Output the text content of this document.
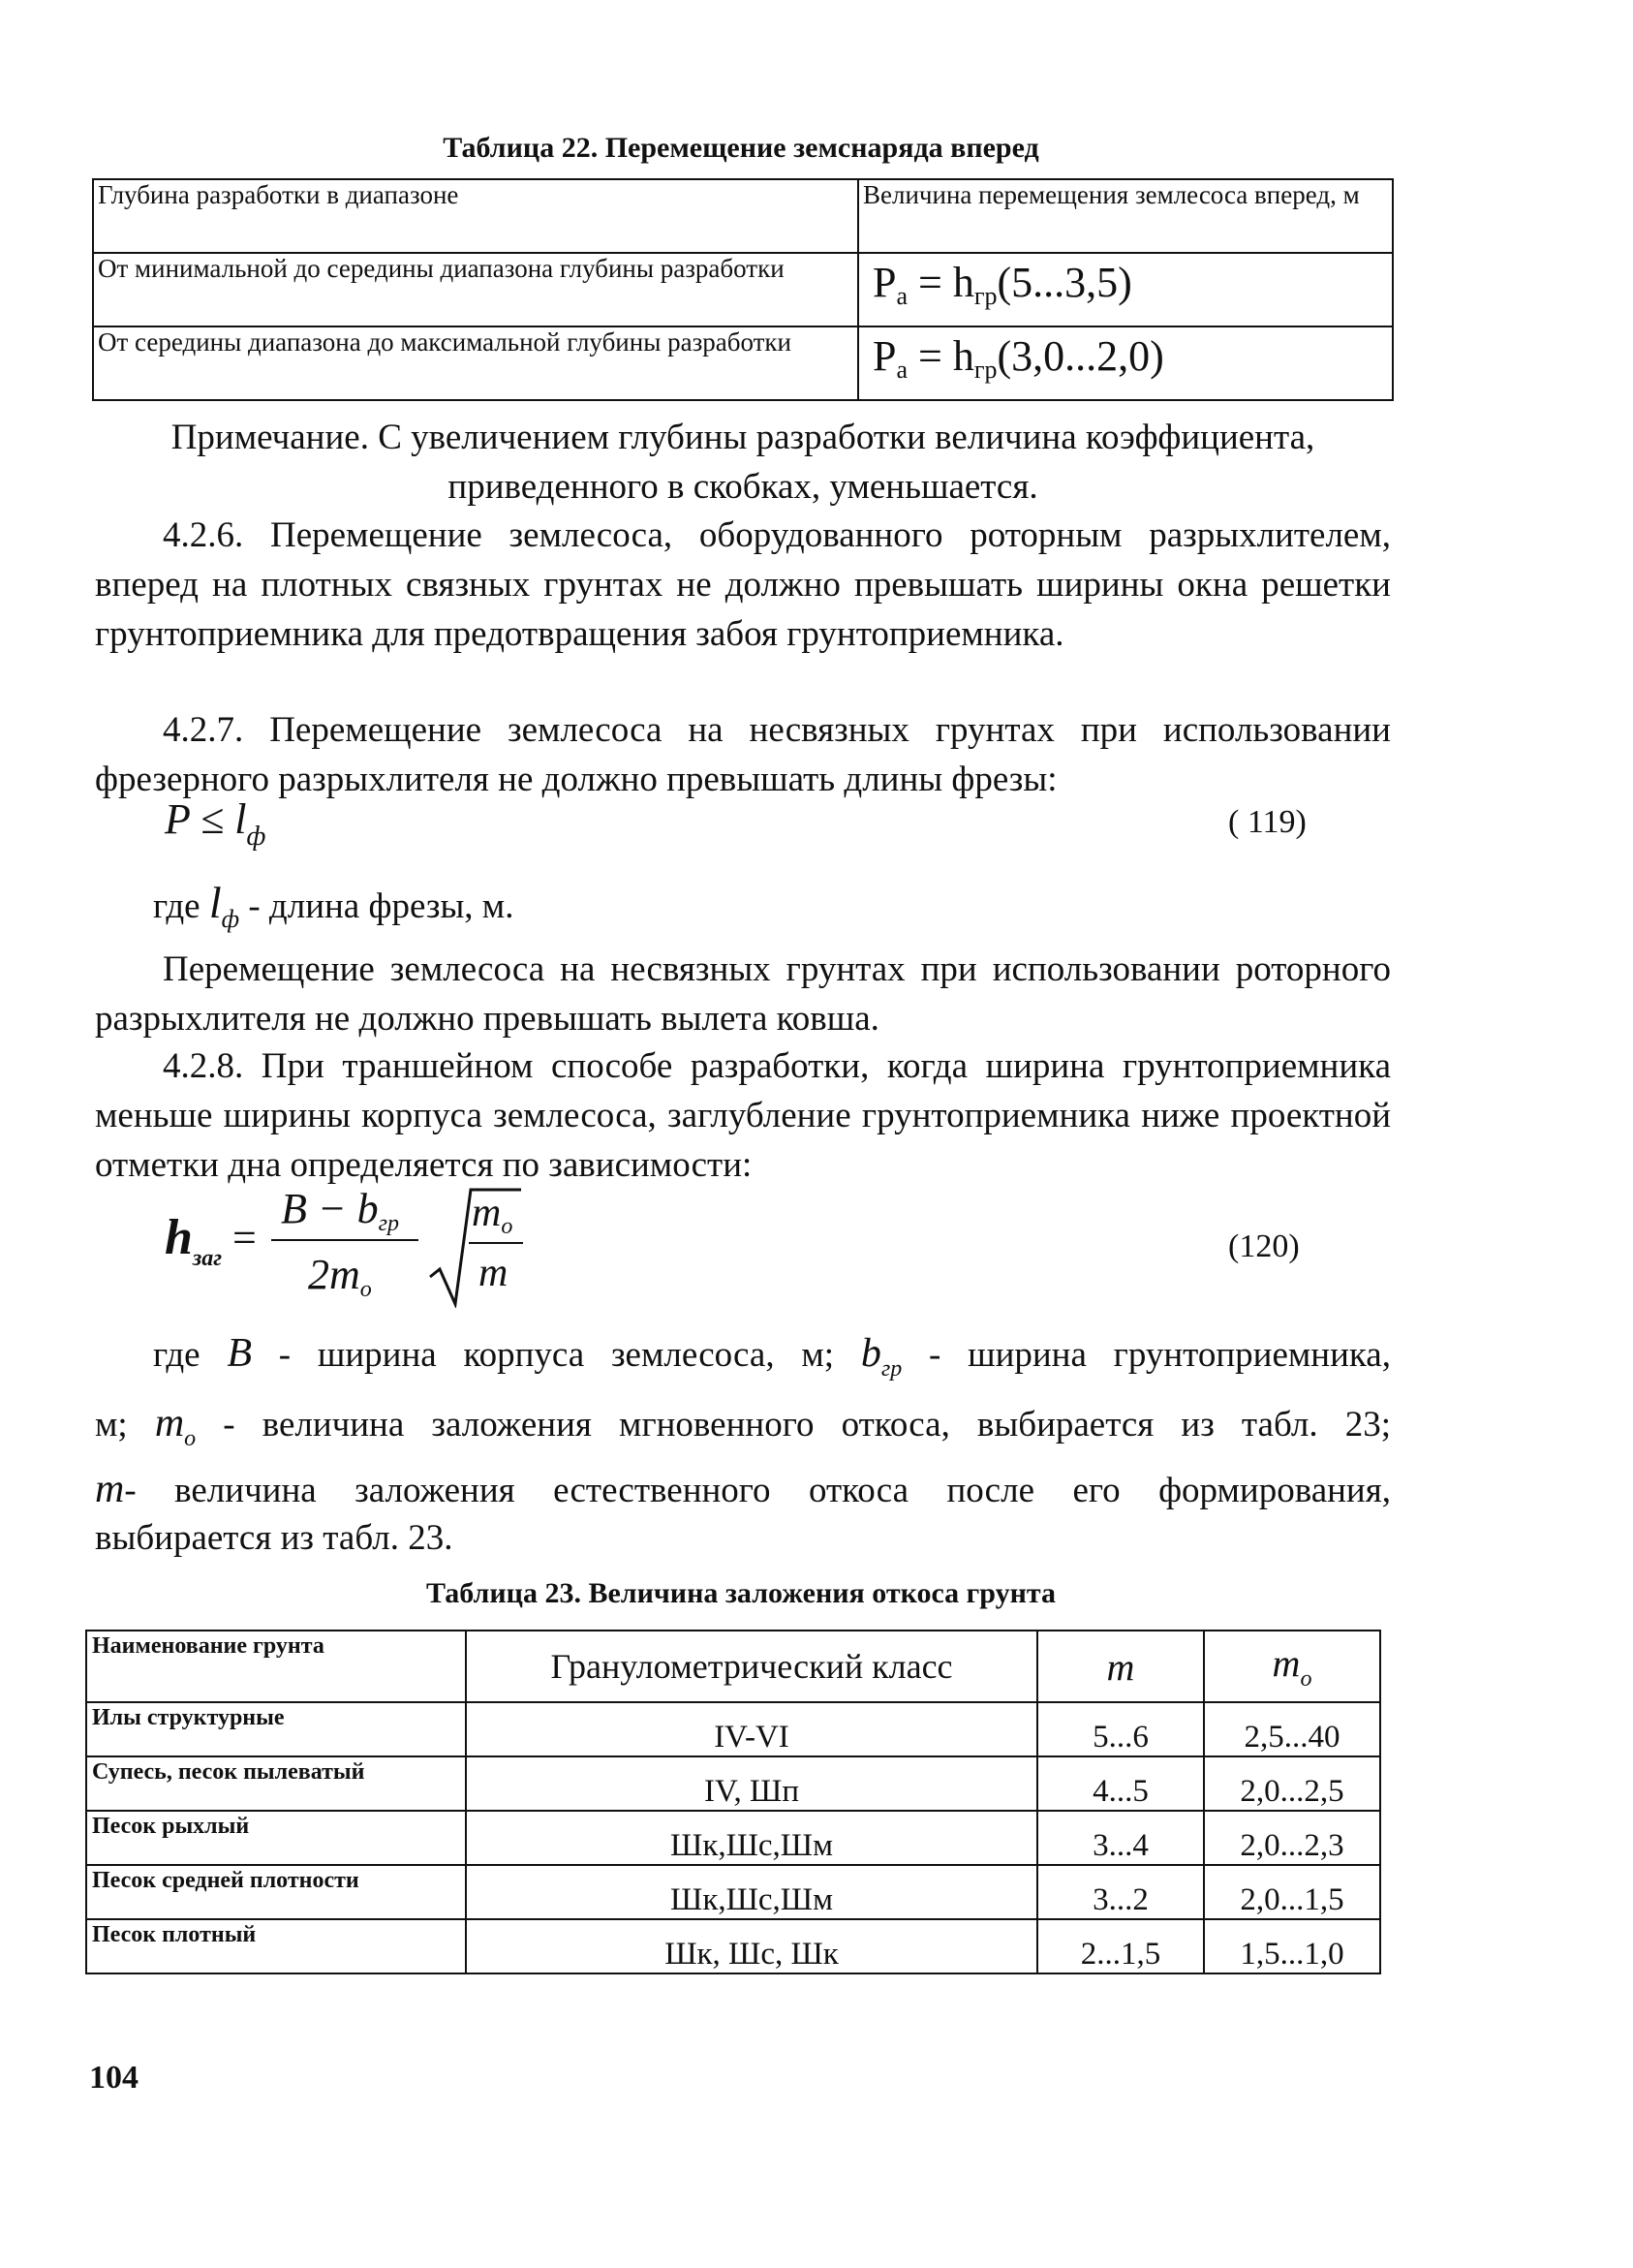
Таблица 22. Перемещение земснаряда вперед
Глубина разработки в диапазоне	Величина перемещения землесоса вперед, м
От минимальной до середины диапазона глубины разработки	$P_а = h_{гр}(5...3,5)$
От середины диапазона до максимальной глубины разработки	$P_а = h_{гр}(3,0...2,0)$
Примечание. С увеличением глубины разработки величина коэффициента, приведенного в скобках, уменьшается.
4.2.6. Перемещение землесоса, оборудованного роторным разрыхлителем, вперед на плотных связных грунтах не должно превышать ширины окна решетки грунтоприемника для предотвращения забоя грунтоприемника.
4.2.7. Перемещение землесоса на несвязных грунтах при использовании фрезерного разрыхлителя не должно превышать длины фрезы:
$P \le l_ф$	( 119)
где $l_ф$ - длина фрезы, м.
Перемещение землесоса на несвязных грунтах при использовании роторного разрыхлителя не должно превышать вылета ковша.
4.2.8. При траншейном способе разработки, когда ширина грунтоприемника меньше ширины корпуса землесоса, заглубление грунтоприемника ниже проектной отметки дна определяется по зависимости:
$h_{заг}$ =
B − bгр
2mo
mo
m
(120)
где B - ширина корпуса землесоса, м; $b_{гр}$ - ширина грунтоприемника,
м; $m_o$ - величина заложения мгновенного откоса, выбирается из табл. 23;
m- величина заложения естественного откоса после его формирования,
выбирается из табл. 23.
Таблица 23. Величина заложения откоса грунта
Наименование грунта	Гранулометрический класс	m	$m_o$
Илы структурные	IV-VI	5...6	2,5...40
Супесь, песок пылеватый	IV, Шп	4...5	2,0...2,5
Песок рыхлый	Шк,Шс,Шм	3...4	2,0...2,3
Песок средней плотности	Шк,Шс,Шм	3...2	2,0...1,5
Песок плотный	Шк, Шс, Шк	2...1,5	1,5...1,0
104
